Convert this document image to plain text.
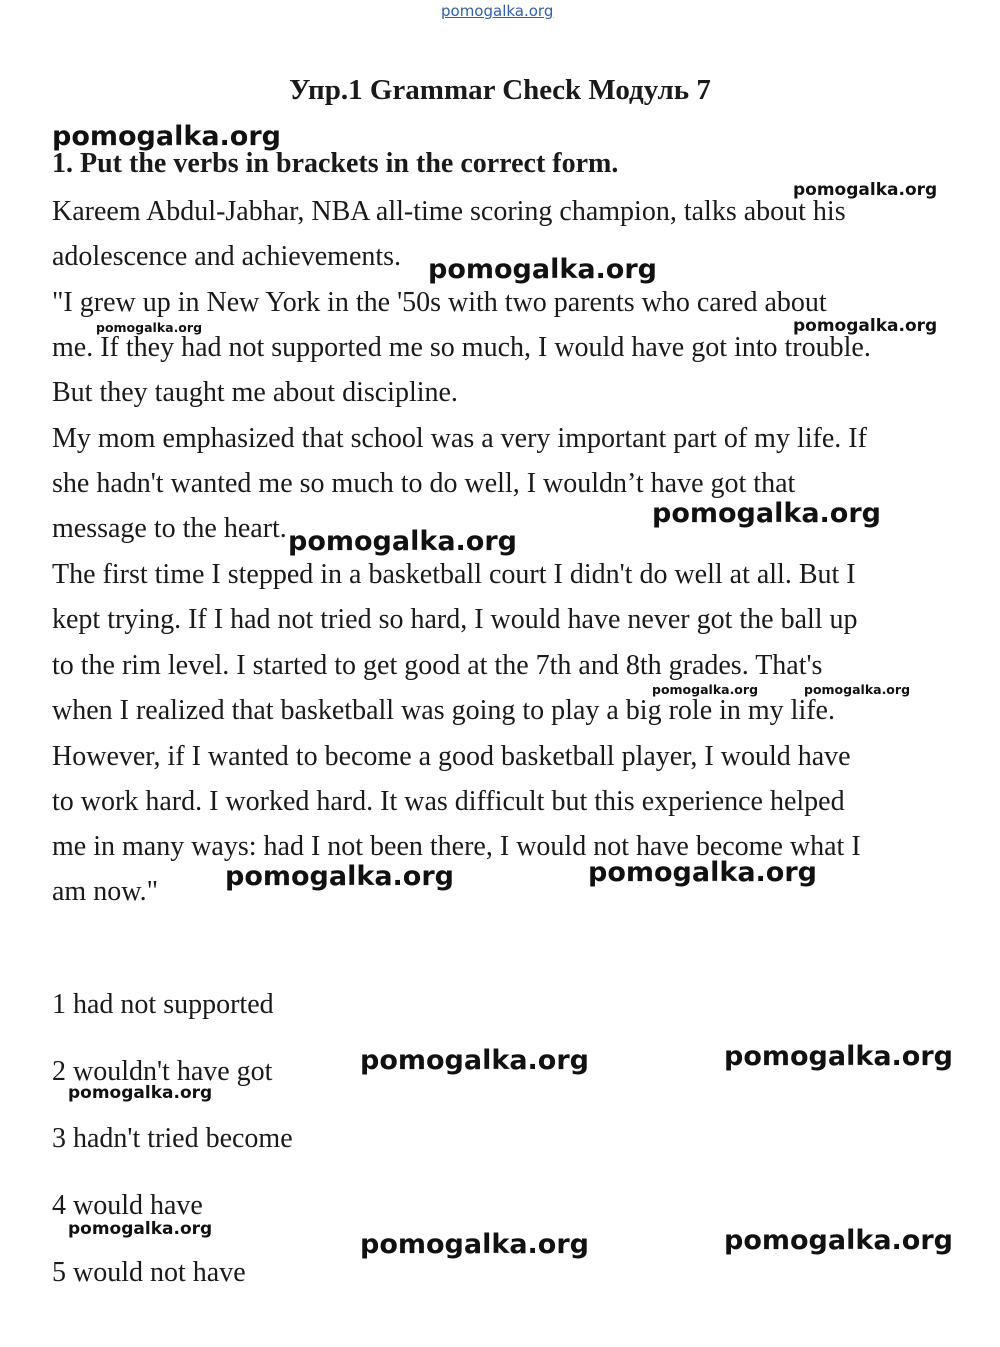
pomogalka.org
Упр.1 Grammar Check Модуль 7

1. Put the verbs in brackets in the correct form.

Kareem Abdul-Jabhar, NBA all-time scoring champion, talks about his

adolescence and achievements.

"I grew up in New York in the '50s with two parents who cared about

me. If they had not supported me so much, I would have got into trouble.

But they taught me about discipline.

My mom emphasized that school was a very important part of my life. If

she hadn't wanted me so much to do well, I wouldn’t have got that

message to the heart.

The first time I stepped in a basketball court I didn't do well at all. But I

kept trying. If I had not tried so hard, I would have never got the ball up

to the rim level. I started to get good at the 7th and 8th grades. That's

when I realized that basketball was going to play a big role in my life.

However, if I wanted to become a good basketball player, I would have

to work hard. I worked hard. It was difficult but this experience helped

me in many ways: had I not been there, I would not have become what I

am now."

1 had not supported

2 wouldn't have got

3 hadn't tried become

4 would have

5 would not have

pomogalka.org

pomogalka.org

pomogalka.org

pomogalka.org	pomogalka.org

pomogalka.org

pomogalka.org

pomogalka.org	pomogalka.org

pomogalka.org	pomogalka.org

pomogalka.org	pomogalka.org

pomogalka.org

pomogalka.org	pomogalka.org	pomogalka.org
